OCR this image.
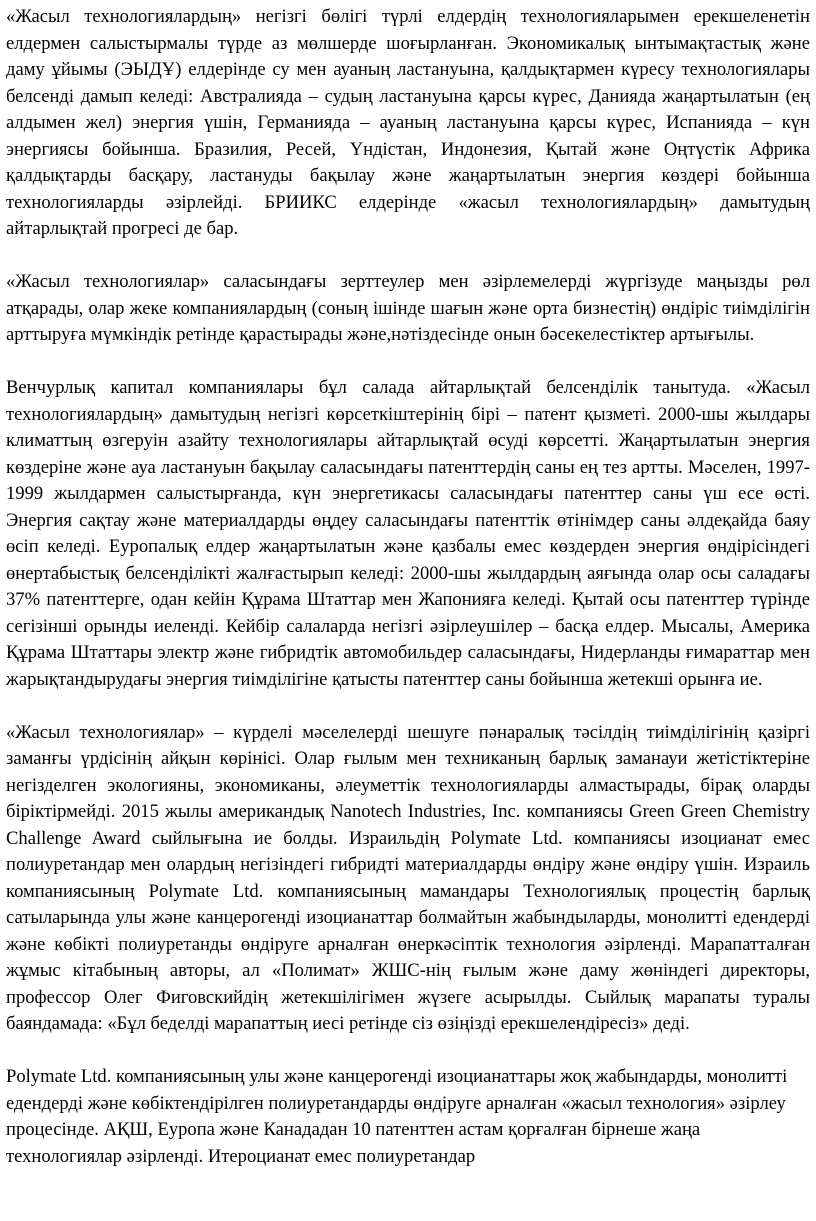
«Жасыл технологиялардың» негізгі бөлігі түрлі елдердің технологияларымен ерекшеленетін елдермен салыстырмалы түрде аз мөлшерде шоғырланған. Экономикалық ынтымақтастық және даму ұйымы (ЭЫДҰ) елдерінде су мен ауаның ластануына, қалдықтармен күресу технологиялары белсенді дамып келеді: Австралияда – судың ластануына қарсы күрес, Данияда жаңартылатын (ең алдымен жел) энергия үшін, Германияда – ауаның ластануына қарсы күрес, Испанияда – күн энергиясы бойынша. Бразилия, Ресей, Үндістан, Индонезия, Қытай және Оңтүстік Африка қалдықтарды басқару, ластануды бақылау және жаңартылатын энергия көздері бойынша технологияларды әзірлейді. БРИИКС елдерінде «жасыл технологиялардың» дамытудың айтарлықтай прогресі де бар.

«Жасыл технологиялар» саласындағы зерттеулер мен әзірлемелерді жүргізуде маңызды рөл атқарады, олар жеке компаниялардың (соның ішінде шағын және орта бизнестің) өндіріс тиімділігін арттыруға мүмкіндік ретінде қарастырады және,нәтіздесінде онын бәсекелестіктер артығылы.

Венчурлық капитал компаниялары бұл салада айтарлықтай белсенділік танытуда. «Жасыл технологиялардың» дамытудың негізгі көрсеткіштерінің бірі – патент қызметі. 2000-шы жылдары климаттың өзгеруін азайту технологиялары айтарлықтай өсуді көрсетті. Жаңартылатын энергия көздеріне және ауа ластануын бақылау саласындағы патенттердің саны ең тез артты. Мәселен, 1997-1999 жылдармен салыстырғанда, күн энергетикасы саласындағы патенттер саны үш есе өсті. Энергия сақтау және материалдарды өңдеу саласындағы патенттік өтінімдер саны әлдеқайда баяу өсіп келеді. Еуропалық елдер жаңартылатын және қазбалы емес көздерден энергия өндірісіндегі өнертабыстық белсенділікті жалғастырып келеді: 2000-шы жылдардың аяғында олар осы саладағы 37% патенттерге, одан кейін Құрама Штаттар мен Жапонияға келеді. Қытай осы патенттер түрінде сегізінші орынды иеленді. Кейбір салаларда негізгі әзірлеушілер – басқа елдер. Мысалы, Америка Құрама Штаттары электр және гибридтік автомобильдер саласындағы, Нидерланды ғимараттар мен жарықтандырудағы энергия тиімділігіне қатысты патенттер саны бойынша жетекші орынға ие.

«Жасыл технологиялар» – күрделі мәселелерді шешуге пәнаралық тәсілдің тиімділігінің қазіргі заманғы үрдісінің айқын көрінісі. Олар ғылым мен техниканың барлық заманауи жетістіктеріне негізделген экологияны, экономиканы, әлеуметтік технологияларды алмастырады, бірақ оларды біріктірмейді. 2015 жылы американдық Nanotech Industries, Inc. компаниясы Green Green Chemistry Challenge Award сыйлығына ие болды. Израильдің Polymate Ltd. компаниясы изоцианат емес полиуретандар мен олардың негізіндегі гибридті материалдарды өндіру және өндіру үшін. Израиль компаниясының Polymate Ltd. компаниясының мамандары Технологиялық процестің барлық сатыларында улы және канцерогенді изоцианаттар болмайтын жабындыларды, монолитті едендерді және көбікті полиуретанды өндіруге арналған өнеркәсіптік технология әзірленді. Марапатталған жұмыс кітабының авторы, ал «Полимат» ЖШС-нің ғылым және даму жөніндегі директоры, профессор Олег Фиговскийдің жетекшілігімен жүзеге асырылды. Сыйлық марапаты туралы баяндамада: «Бұл беделді марапаттың иесі ретінде сіз өзіңізді ерекшелендіресіз» деді.

Polymate Ltd. компаниясының улы және канцерогенді изоцианаттары жоқ жабындарды, монолитті едендерді және көбіктендірілген полиуретандарды өндіруге арналған «жасыл технология» әзірлеу процесінде. АҚШ, Еуропа және Канададан 10 патенттен астам қорғалған бірнеше жаңа технологиялар әзірленді. Итероцианат емес полиуретандар
